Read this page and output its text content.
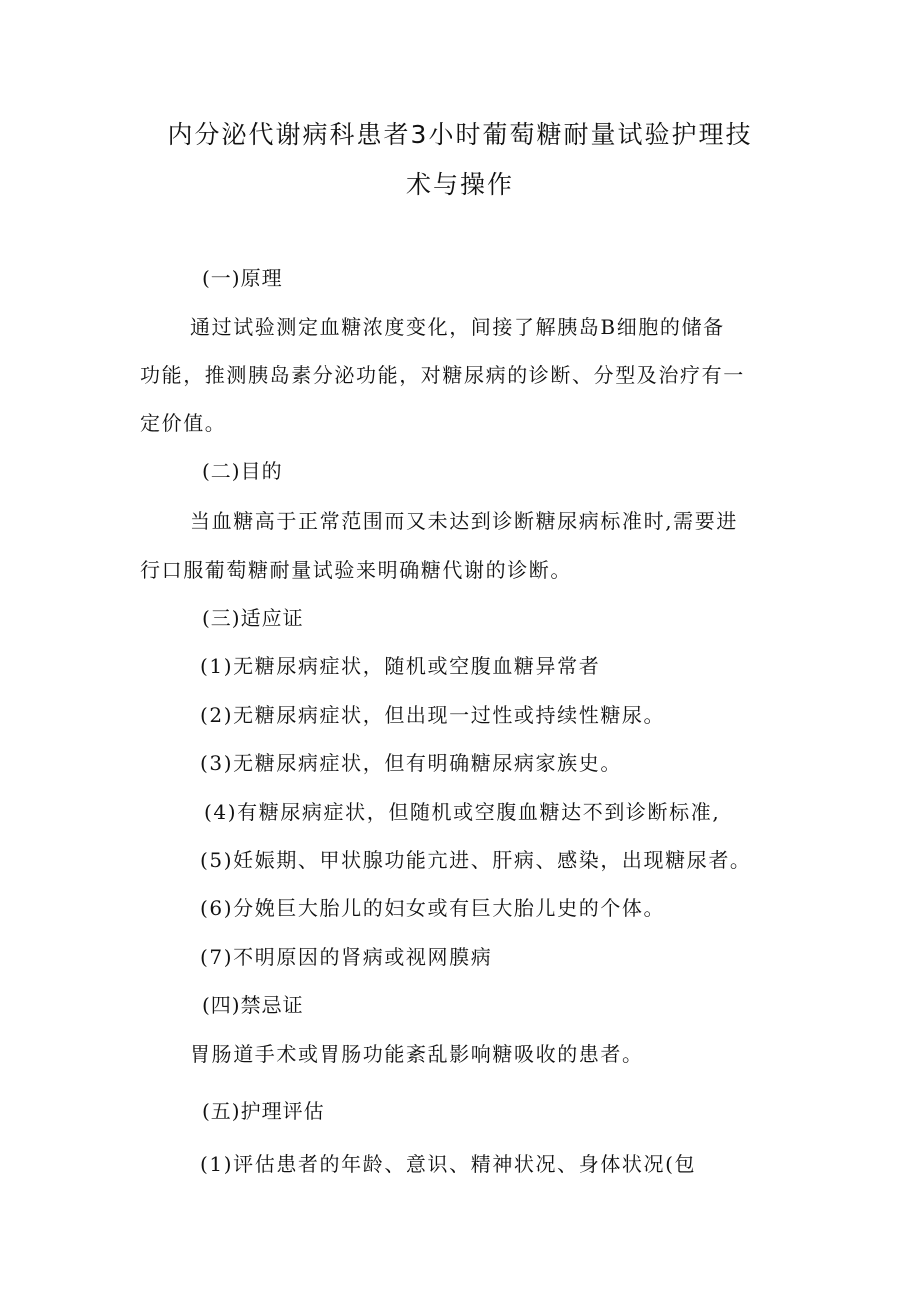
内分泌代谢病科患者3小时葡萄糖耐量试验护理技
术与操作

(一)原理

通过试验测定血糖浓度变化，间接了解胰岛B细胞的储备

功能，推测胰岛素分泌功能，对糖尿病的诊断、分型及治疗有一

定价值。

(二)目的

当血糖高于正常范围而又未达到诊断糖尿病标准时,需要进

行口服葡萄糖耐量试验来明确糖代谢的诊断。

(三)适应证

(1)无糖尿病症状，随机或空腹血糖异常者

(2)无糖尿病症状，但出现一过性或持续性糖尿。

(3)无糖尿病症状，但有明确糖尿病家族史。

(4)有糖尿病症状，但随机或空腹血糖达不到诊断标准,

(5)妊娠期、甲状腺功能亢进、肝病、感染，出现糖尿者。

(6)分娩巨大胎儿的妇女或有巨大胎儿史的个体。

(7)不明原因的肾病或视网膜病

(四)禁忌证

胃肠道手术或胃肠功能紊乱影响糖吸收的患者。

(五)护理评估

(1)评估患者的年龄、意识、精神状况、身体状况(包
